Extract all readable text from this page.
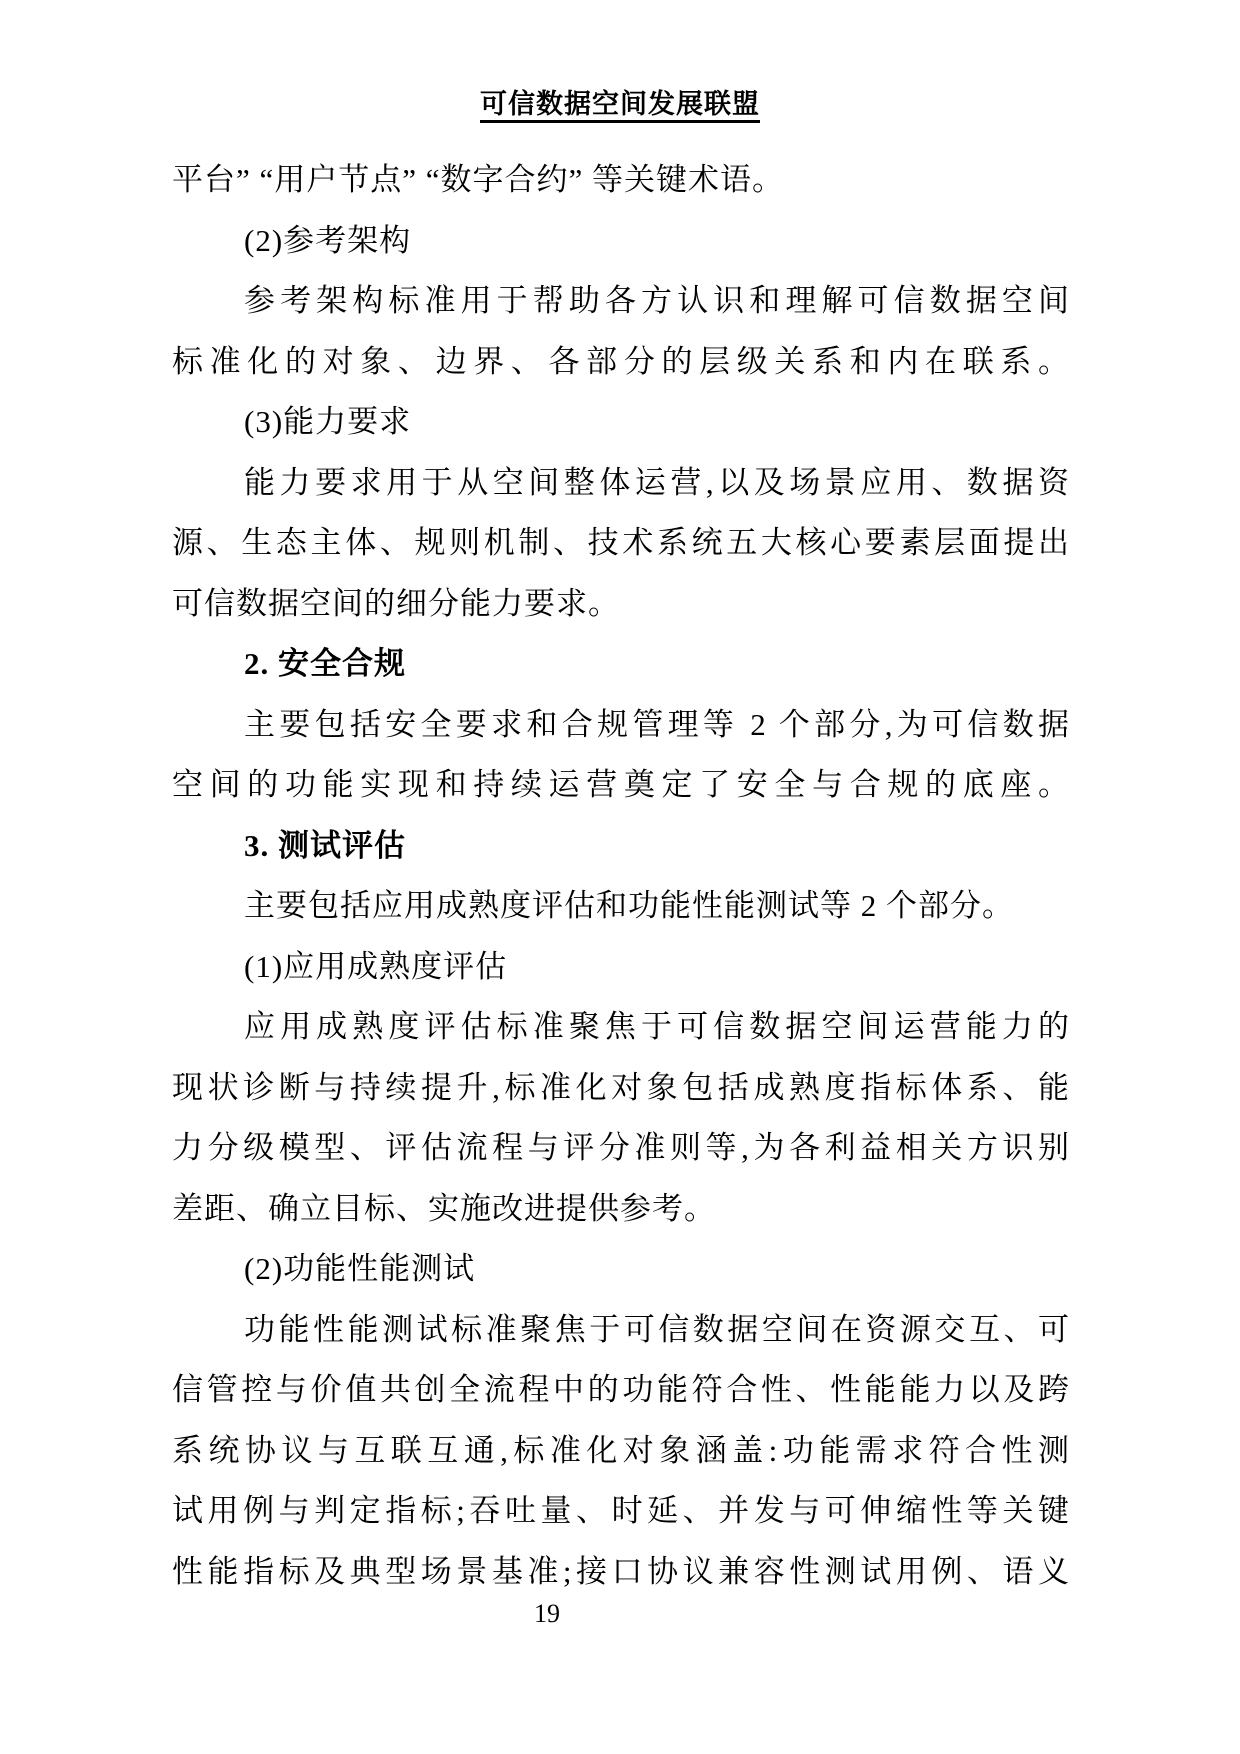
可信数据空间发展联盟
平台” “用户节点” “数字合约” 等关键术语。
(2)参考架构
参考架构标准用于帮助各方认识和理解可信数据空间
标准化的对象、边界、各部分的层级关系和内在联系。
(3)能力要求
能力要求用于从空间整体运营,以及场景应用、数据资
源、生态主体、规则机制、技术系统五大核心要素层面提出
可信数据空间的细分能力要求。
2. 安全合规
主要包括安全要求和合规管理等 2 个部分,为可信数据
空间的功能实现和持续运营奠定了安全与合规的底座。
3. 测试评估
主要包括应用成熟度评估和功能性能测试等 2 个部分。
(1)应用成熟度评估
应用成熟度评估标准聚焦于可信数据空间运营能力的
现状诊断与持续提升,标准化对象包括成熟度指标体系、能
力分级模型、评估流程与评分准则等,为各利益相关方识别
差距、确立目标、实施改进提供参考。
(2)功能性能测试
功能性能测试标准聚焦于可信数据空间在资源交互、可
信管控与价值共创全流程中的功能符合性、性能能力以及跨
系统协议与互联互通,标准化对象涵盖:功能需求符合性测
试用例与判定指标;吞吐量、时延、并发与可伸缩性等关键
性能指标及典型场景基准;接口协议兼容性测试用例、语义
19
